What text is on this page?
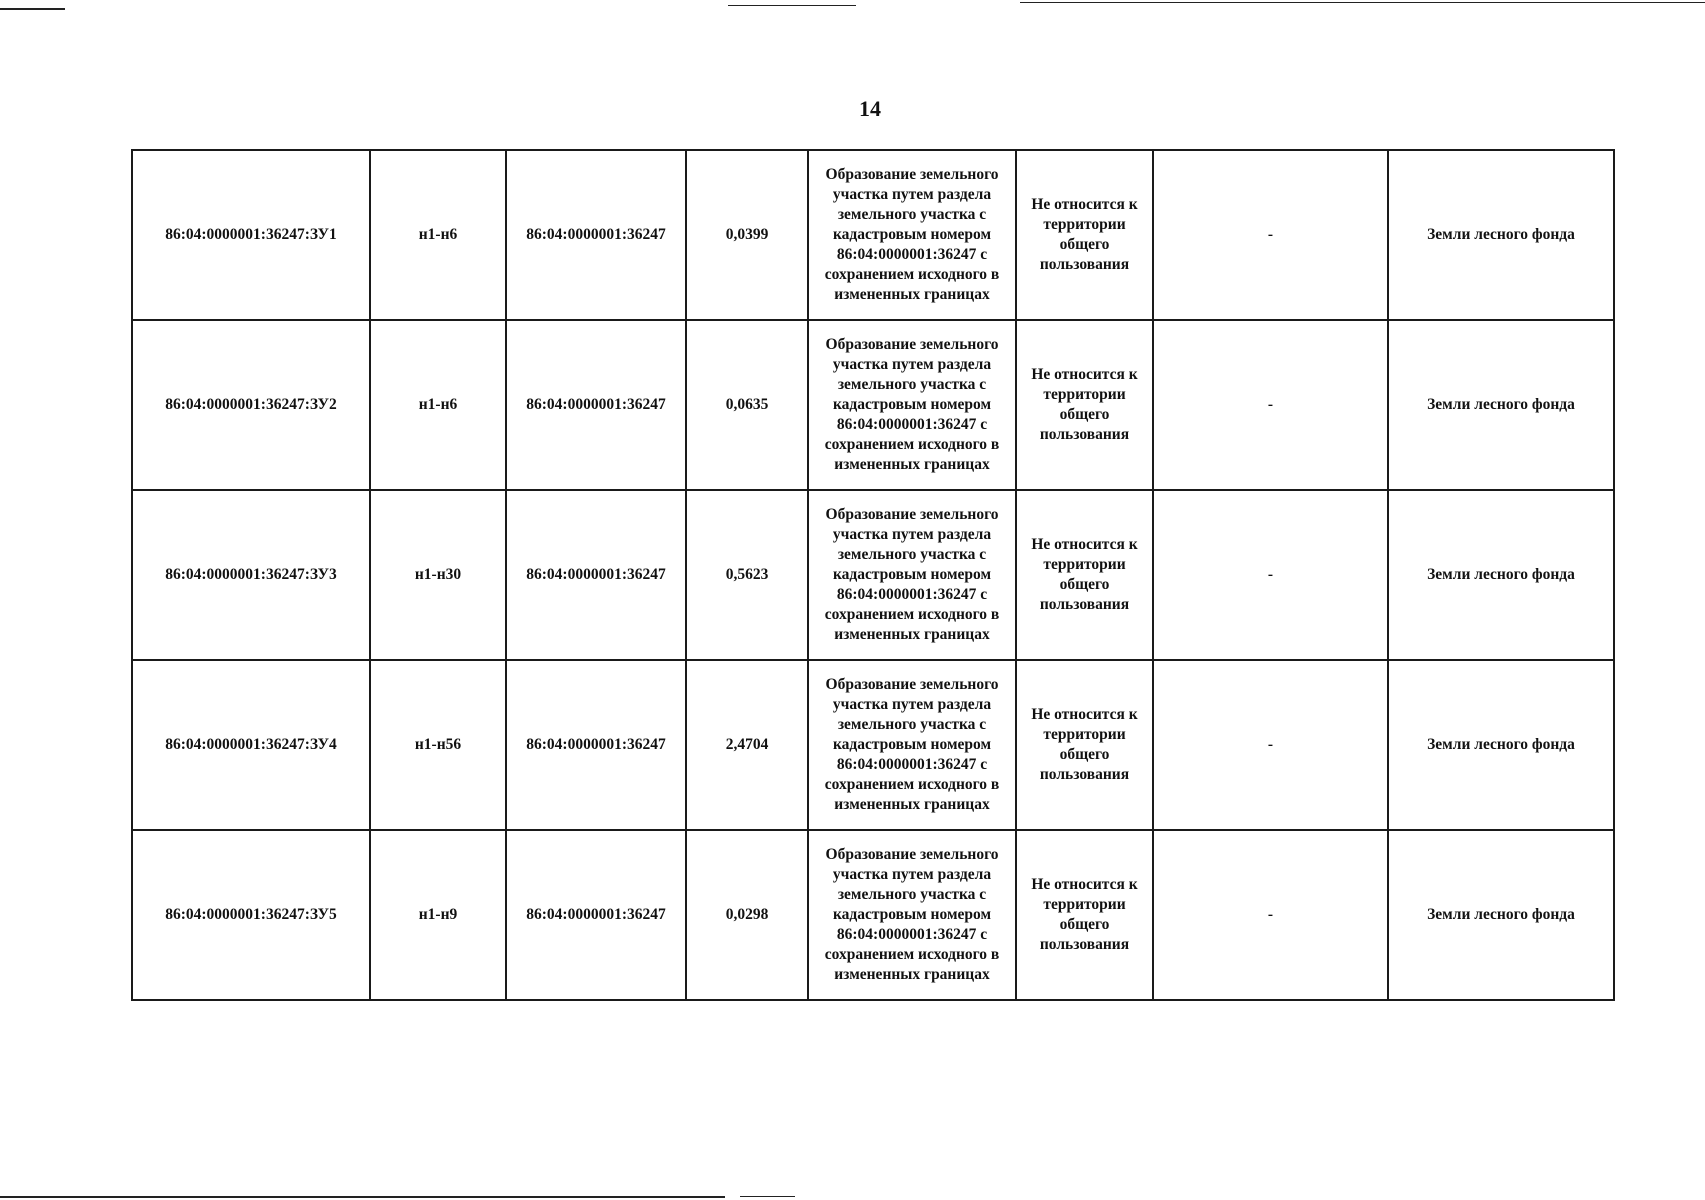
14
86:04:0000001:36247:ЗУ1	н1-н6	86:04:0000001:36247	0,0399	Образование земельного участка путем раздела земельного участка с кадастровым номером 86:04:0000001:36247 с сохранением исходного в измененных границах	Не относится к территории общего пользования	-	Земли лесного фонда
86:04:0000001:36247:ЗУ2	н1-н6	86:04:0000001:36247	0,0635	Образование земельного участка путем раздела земельного участка с кадастровым номером 86:04:0000001:36247 с сохранением исходного в измененных границах	Не относится к территории общего пользования	-	Земли лесного фонда
86:04:0000001:36247:ЗУ3	н1-н30	86:04:0000001:36247	0,5623	Образование земельного участка путем раздела земельного участка с кадастровым номером 86:04:0000001:36247 с сохранением исходного в измененных границах	Не относится к территории общего пользования	-	Земли лесного фонда
86:04:0000001:36247:ЗУ4	н1-н56	86:04:0000001:36247	2,4704	Образование земельного участка путем раздела земельного участка с кадастровым номером 86:04:0000001:36247 с сохранением исходного в измененных границах	Не относится к территории общего пользования	-	Земли лесного фонда
86:04:0000001:36247:ЗУ5	н1-н9	86:04:0000001:36247	0,0298	Образование земельного участка путем раздела земельного участка с кадастровым номером 86:04:0000001:36247 с сохранением исходного в измененных границах	Не относится к территории общего пользования	-	Земли лесного фонда
